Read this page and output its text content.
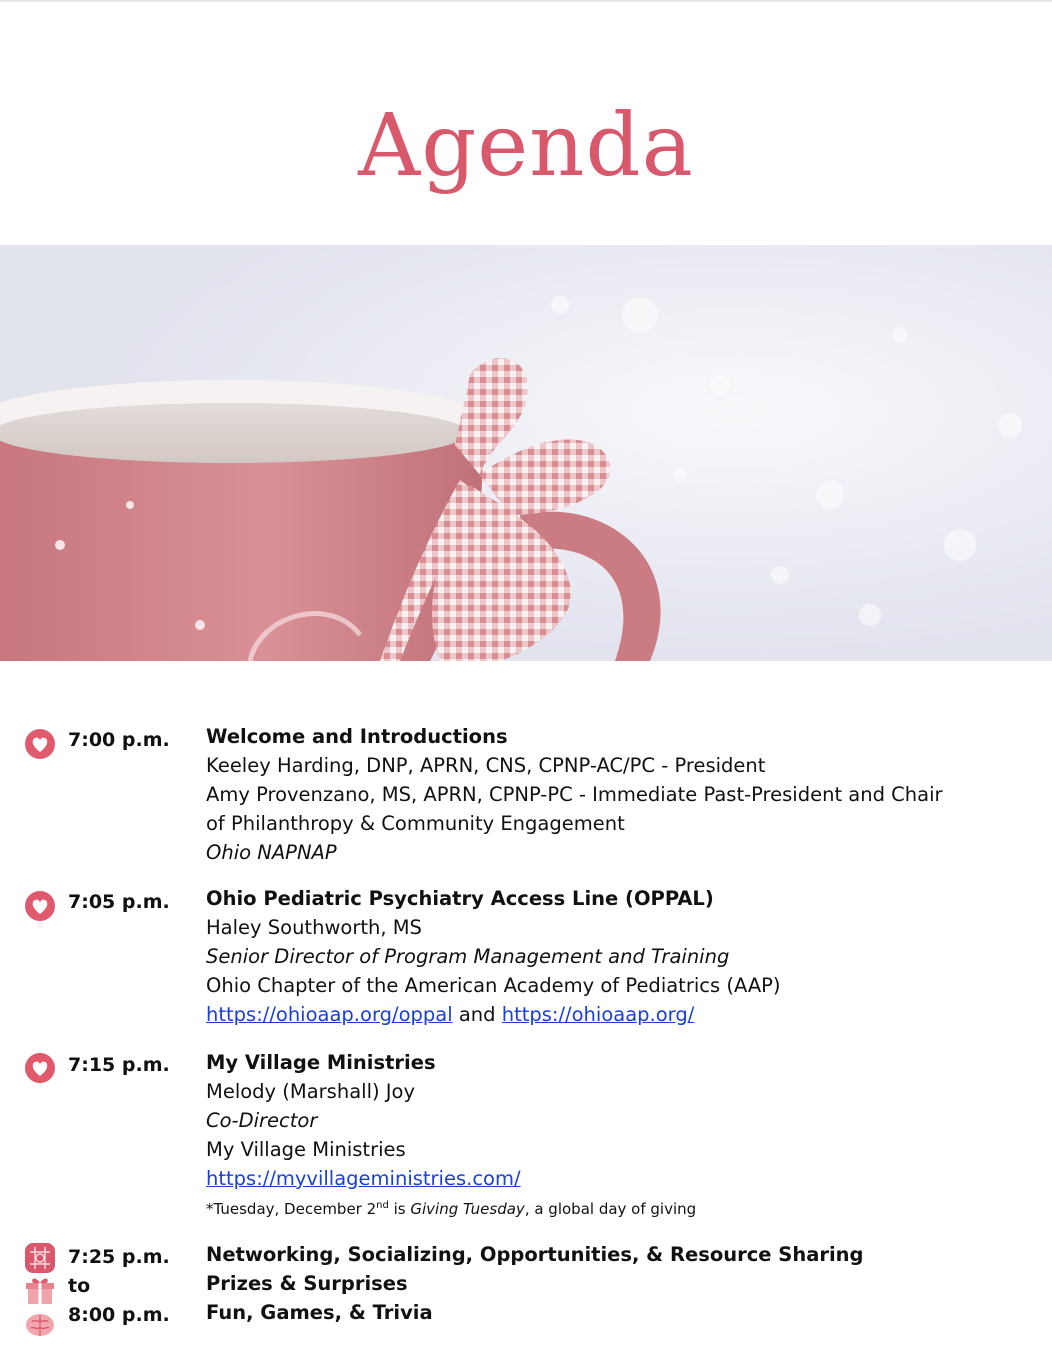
Agenda
7:00 p.m. Welcome and Introductions
Keeley Harding, DNP, APRN, CNS, CPNP-AC/PC - President
Amy Provenzano, MS, APRN, CPNP-PC - Immediate Past-President and Chair
of Philanthropy & Community Engagement
Ohio NAPNAP
7:05 p.m. Ohio Pediatric Psychiatry Access Line (OPPAL)
Haley Southworth, MS
Senior Director of Program Management and Training
Ohio Chapter of the American Academy of Pediatrics (AAP)
https://ohioaap.org/oppal and https://ohioaap.org/
7:15 p.m. My Village Ministries
Melody (Marshall) Joy
Co-Director
My Village Ministries
https://myvillageministries.com/
*Tuesday, December 2nd is Giving Tuesday, a global day of giving
7:25 p.m.
to
8:00 p.m.
Networking, Socializing, Opportunities, & Resource Sharing
Prizes & Surprises
Fun, Games, & Trivia
